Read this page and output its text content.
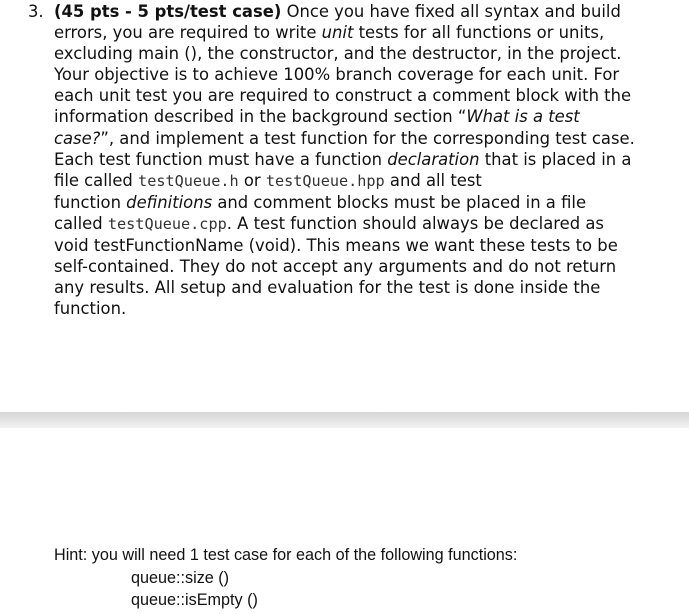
3. (45 pts - 5 pts/test case) Once you have fixed all syntax and build
errors, you are required to write unit tests for all functions or units,
excluding main (), the constructor, and the destructor, in the project.
Your objective is to achieve 100% branch coverage for each unit. For
each unit test you are required to construct a comment block with the
information described in the background section “What is a test
case?”, and implement a test function for the corresponding test case.
Each test function must have a function declaration that is placed in a
file called testQueue.h or testQueue.hpp and all test
function definitions and comment blocks must be placed in a file
called testQueue.cpp. A test function should always be declared as
void testFunctionName (void). This means we want these tests to be
self-contained. They do not accept any arguments and do not return
any results. All setup and evaluation for the test is done inside the
function.
Hint: you will need 1 test case for each of the following functions:
queue::size ()
queue::isEmpty ()
